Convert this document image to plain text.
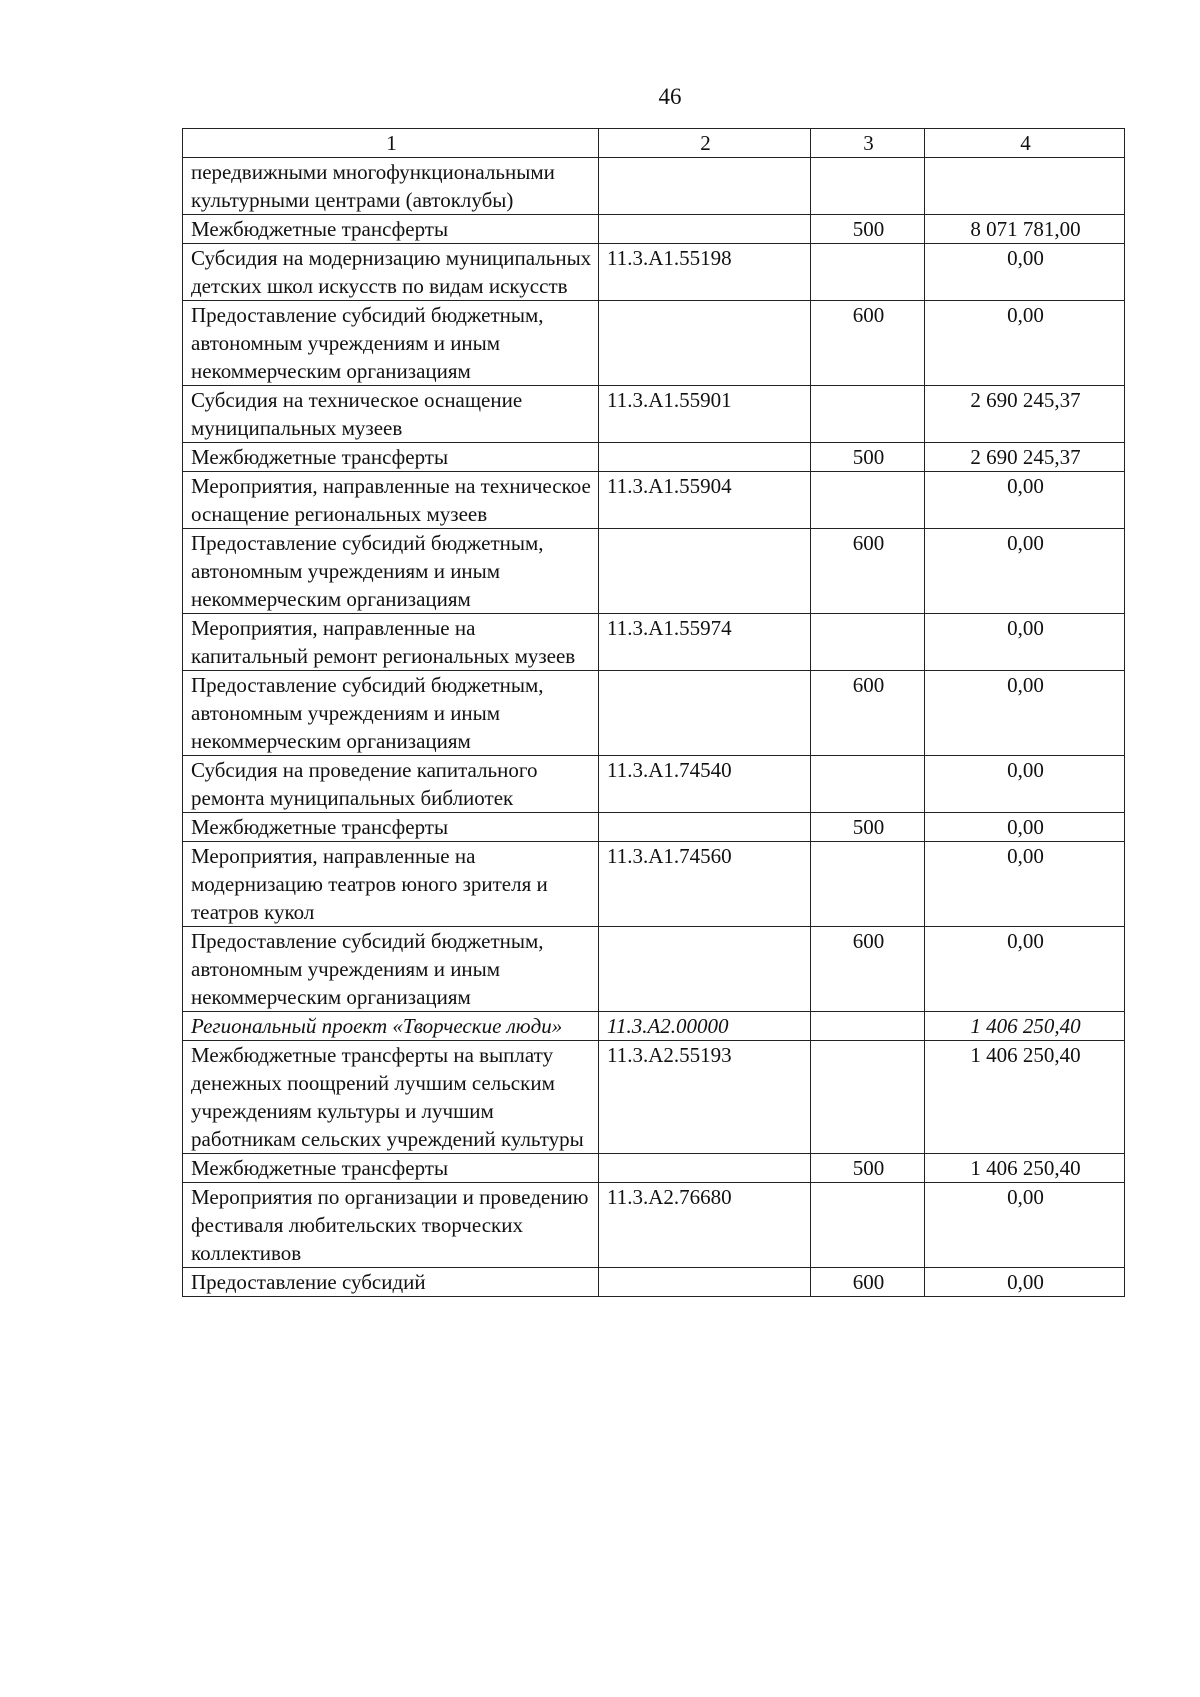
46
1	2	3	4
передвижными многофункциональными культурными центрами (автоклубы)			
Межбюджетные трансферты		500	8 071 781,00
Субсидия на модернизацию муниципальных детских школ искусств по видам искусств	11.3.А1.55198		0,00
Предоставление субсидий бюджетным, автономным учреждениям и иным некоммерческим организациям		600	0,00
Субсидия на техническое оснащение муниципальных музеев	11.3.А1.55901		2 690 245,37
Межбюджетные трансферты		500	2 690 245,37
Мероприятия, направленные на техническое оснащение региональных музеев	11.3.А1.55904		0,00
Предоставление субсидий бюджетным, автономным учреждениям и иным некоммерческим организациям		600	0,00
Мероприятия, направленные на капитальный ремонт региональных музеев	11.3.А1.55974		0,00
Предоставление субсидий бюджетным, автономным учреждениям и иным некоммерческим организациям		600	0,00
Субсидия на проведение капитального ремонта муниципальных библиотек	11.3.А1.74540		0,00
Межбюджетные трансферты		500	0,00
Мероприятия, направленные на модернизацию театров юного зрителя и театров кукол	11.3.А1.74560		0,00
Предоставление субсидий бюджетным, автономным учреждениям и иным некоммерческим организациям		600	0,00
Региональный проект «Творческие люди»	11.3.А2.00000		1 406 250,40
Межбюджетные трансферты на выплату денежных поощрений лучшим сельским учреждениям культуры и лучшим работникам сельских учреждений культуры	11.3.А2.55193		1 406 250,40
Межбюджетные трансферты		500	1 406 250,40
Мероприятия по организации и проведению фестиваля любительских творческих коллективов	11.3.А2.76680		0,00
Предоставление субсидий		600	0,00
